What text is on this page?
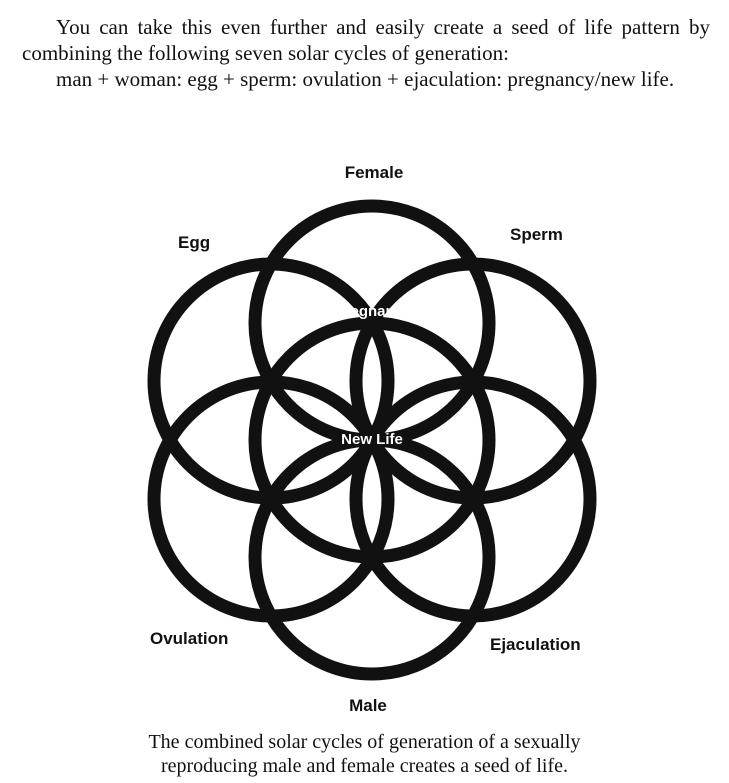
You can take this even further and easily create a seed of life pattern by combining the following seven solar cycles of generation:

man + woman: egg + sperm: ovulation + ejaculation: pregnancy/new life.

Female
Sperm
Egg
Pregnancy
New Life
Ovulation	Ejaculation
Male
The combined solar cycles of generation of a sexually
reproducing male and female creates a seed of life.
